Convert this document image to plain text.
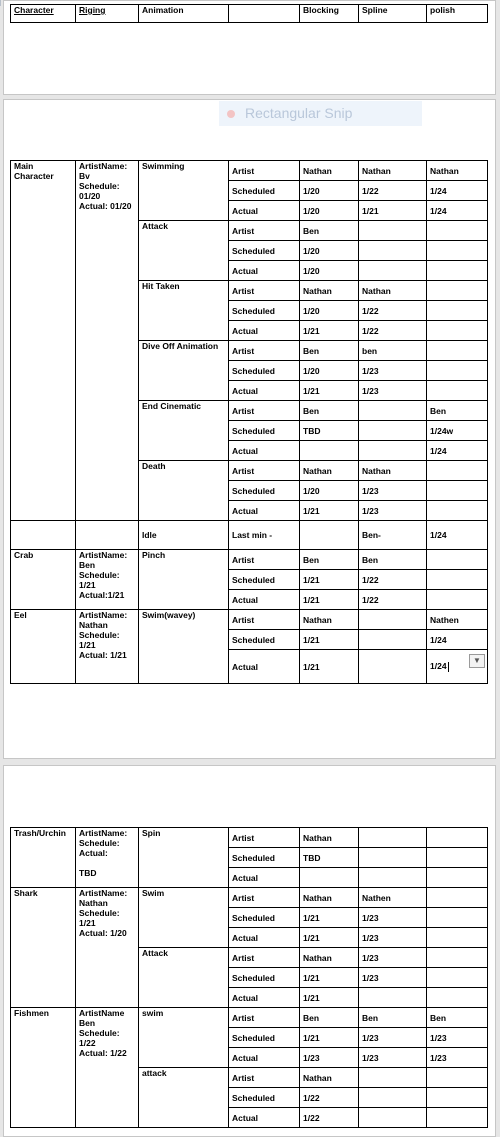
Character	Riging	Animation		Blocking	Spline	polish
Rectangular Snip
Main Character	ArtistName: Bv
Schedule: 01/20
Actual: 01/20	Swimming	Artist	Nathan	Nathan	Nathan
			Scheduled	1/20	1/22	1/24
			Actual	1/20	1/21	1/24
		Attack	Artist	Ben		
			Scheduled	1/20		
			Actual	1/20		
		Hit Taken	Artist	Nathan	Nathan	
			Scheduled	1/20	1/22	
			Actual	1/21	1/22	
		Dive Off Animation	Artist	Ben	ben	
			Scheduled	1/20	1/23	
			Actual	1/21	1/23	
		End Cinematic	Artist	Ben		Ben
			Scheduled	TBD		1/24w
			Actual			1/24
		Death	Artist	Nathan	Nathan	
			Scheduled	1/20	1/23	
			Actual	1/21	1/23	
		Idle	Last min -		Ben-	1/24
Crab	ArtistName: Ben
Schedule: 1/21
Actual:1/21	Pinch	Artist	Ben	Ben	
			Scheduled	1/21	1/22	
			Actual	1/21	1/22	
Eel	ArtistName: Nathan
Schedule: 1/21
Actual: 1/21	Swim(wavey)	Artist	Nathan		Nathen
			Scheduled	1/21		1/24
			Actual	1/21		1/24
▼
Trash/Urchin	ArtistName:
Schedule:
Actual:

TBD	Spin	Artist	Nathan		
			Scheduled	TBD		
			Actual			
Shark	ArtistName: Nathan
Schedule: 1/21
Actual: 1/20	Swim	Artist	Nathan	Nathen	
			Scheduled	1/21	1/23	
			Actual	1/21	1/23	
		Attack	Artist	Nathan	1/23	
			Scheduled	1/21	1/23	
			Actual	1/21		
Fishmen	ArtistName Ben
Schedule: 1/22
Actual: 1/22	swim	Artist	Ben	Ben	Ben
			Scheduled	1/21	1/23	1/23
			Actual	1/23	1/23	1/23
		attack	Artist	Nathan		
			Scheduled	1/22		
			Actual	1/22		
